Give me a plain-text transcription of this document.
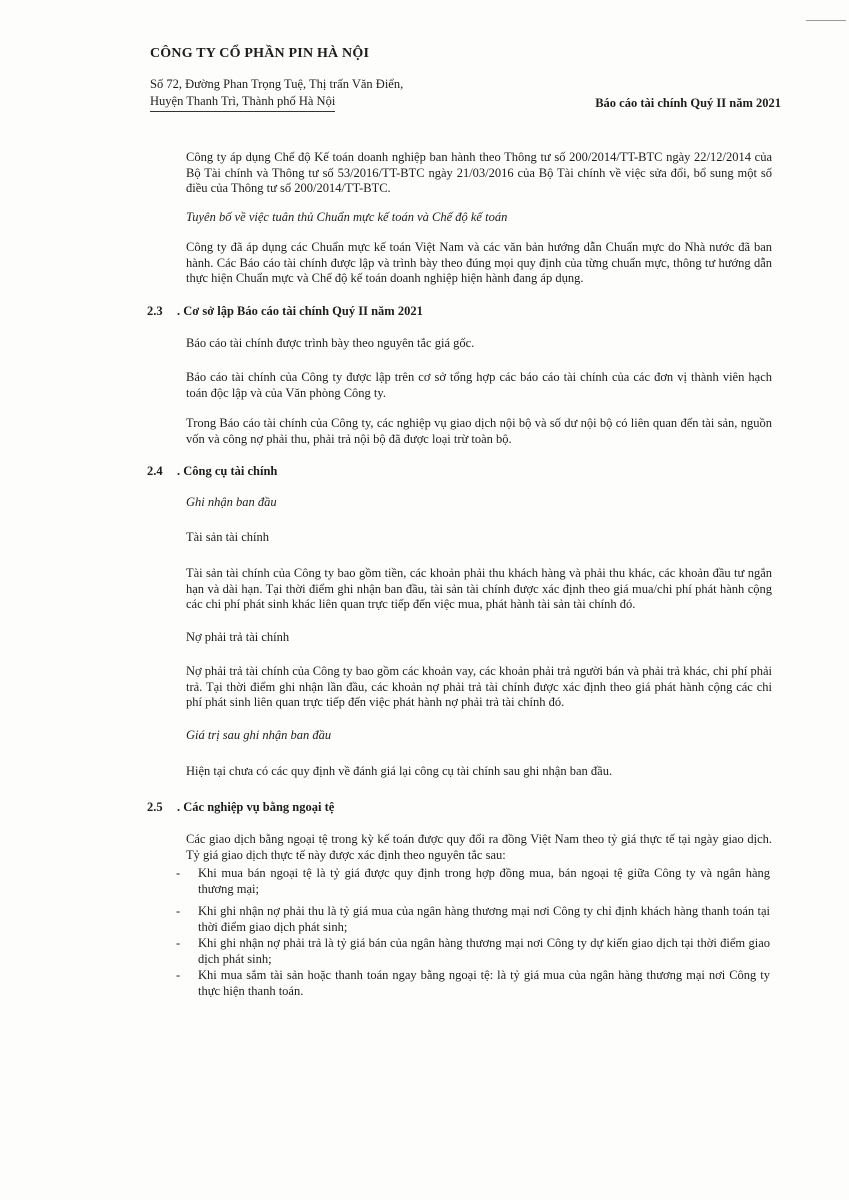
CÔNG TY CỔ PHẦN PIN HÀ NỘI
Số 72, Đường Phan Trọng Tuệ, Thị trấn Văn Điển,
Huyện Thanh Trì, Thành phố Hà Nội	Báo cáo tài chính Quý II năm 2021
Công ty áp dụng Chế độ Kế toán doanh nghiệp ban hành theo Thông tư số 200/2014/TT-BTC ngày 22/12/2014 của Bộ Tài chính và Thông tư số 53/2016/TT-BTC ngày 21/03/2016 của Bộ Tài chính về việc sửa đổi, bổ sung một số điều của Thông tư số 200/2014/TT-BTC.
Tuyên bố về việc tuân thủ Chuẩn mực kế toán và Chế độ kế toán
Công ty đã áp dụng các Chuẩn mực kế toán Việt Nam và các văn bản hướng dẫn Chuẩn mực do Nhà nước đã ban hành. Các Báo cáo tài chính được lập và trình bày theo đúng mọi quy định của từng chuẩn mực, thông tư hướng dẫn thực hiện Chuẩn mực và Chế độ kế toán doanh nghiệp hiện hành đang áp dụng.
2.3 . Cơ sở lập Báo cáo tài chính Quý II năm 2021
Báo cáo tài chính được trình bày theo nguyên tắc giá gốc.
Báo cáo tài chính của Công ty được lập trên cơ sở tổng hợp các báo cáo tài chính của các đơn vị thành viên hạch toán độc lập và của Văn phòng Công ty.
Trong Báo cáo tài chính của Công ty, các nghiệp vụ giao dịch nội bộ và số dư nội bộ có liên quan đến tài sản, nguồn vốn và công nợ phải thu, phải trả nội bộ đã được loại trừ toàn bộ.
2.4 . Công cụ tài chính
Ghi nhận ban đầu
Tài sản tài chính
Tài sản tài chính của Công ty bao gồm tiền, các khoản phải thu khách hàng và phải thu khác, các khoản đầu tư ngắn hạn và dài hạn. Tại thời điểm ghi nhận ban đầu, tài sản tài chính được xác định theo giá mua/chi phí phát hành cộng các chi phí phát sinh khác liên quan trực tiếp đến việc mua, phát hành tài sản tài chính đó.
Nợ phải trả tài chính
Nợ phải trả tài chính của Công ty bao gồm các khoản vay, các khoản phải trả người bán và phải trả khác, chi phí phải trả. Tại thời điểm ghi nhận lần đầu, các khoản nợ phải trả tài chính được xác định theo giá phát hành cộng các chi phí phát sinh liên quan trực tiếp đến việc phát hành nợ phải trả tài chính đó.
Giá trị sau ghi nhận ban đầu
Hiện tại chưa có các quy định về đánh giá lại công cụ tài chính sau ghi nhận ban đầu.
2.5 . Các nghiệp vụ bằng ngoại tệ
Các giao dịch bằng ngoại tệ trong kỳ kế toán được quy đổi ra đồng Việt Nam theo tỷ giá thực tế tại ngày giao dịch. Tỷ giá giao dịch thực tế này được xác định theo nguyên tắc sau:
- Khi mua bán ngoại tệ là tỷ giá được quy định trong hợp đồng mua, bán ngoại tệ giữa Công ty và ngân hàng thương mại;
- Khi ghi nhận nợ phải thu là tỷ giá mua của ngân hàng thương mại nơi Công ty chỉ định khách hàng thanh toán tại thời điểm giao dịch phát sinh;
- Khi ghi nhận nợ phải trả là tỷ giá bán của ngân hàng thương mại nơi Công ty dự kiến giao dịch tại thời điểm giao dịch phát sinh;
- Khi mua sắm tài sản hoặc thanh toán ngay bằng ngoại tệ: là tỷ giá mua của ngân hàng thương mại nơi Công ty thực hiện thanh toán.
